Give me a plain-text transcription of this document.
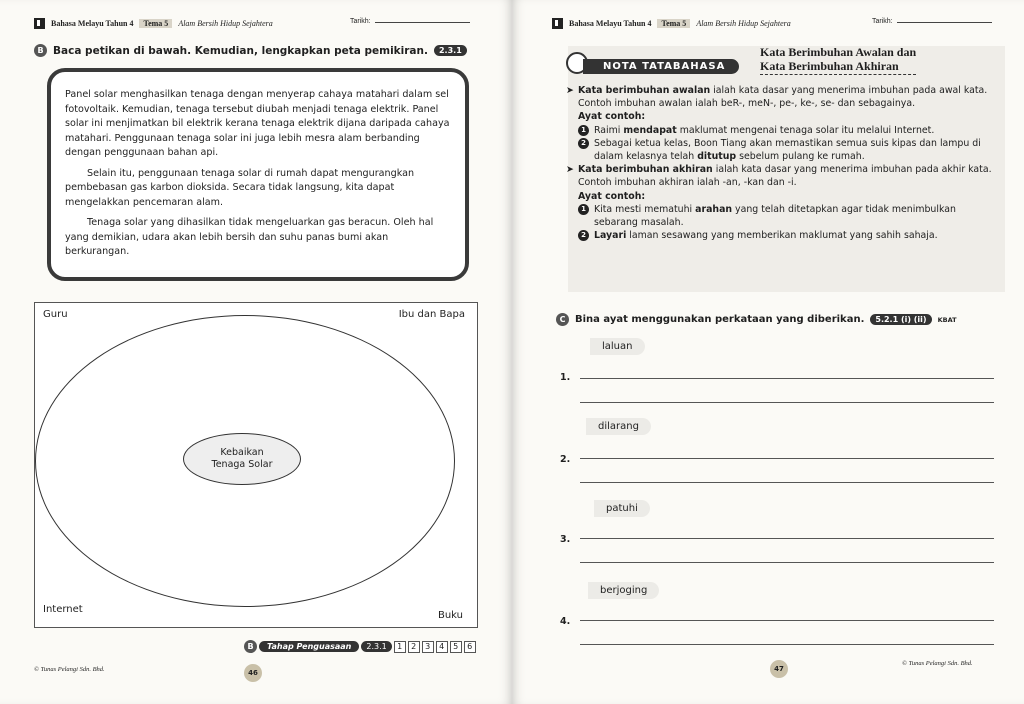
Bahasa Melayu Tahun 4	Tema 5	Alam Bersih Hidup Sejahtera	Tarikh:
B Baca petikan di bawah. Kemudian, lengkapkan peta pemikiran.	2.3.1

Panel solar menghasilkan tenaga dengan menyerap cahaya matahari dalam sel fotovoltaik. Kemudian, tenaga tersebut diubah menjadi tenaga elektrik. Panel solar ini menjimatkan bil elektrik kerana tenaga elektrik dijana daripada cahaya matahari. Penggunaan tenaga solar ini juga lebih mesra alam berbanding dengan penggunaan bahan api.

Selain itu, penggunaan tenaga solar di rumah dapat mengurangkan pembebasan gas karbon dioksida. Secara tidak langsung, kita dapat mengelakkan pencemaran alam.

Tenaga solar yang dihasilkan tidak mengeluarkan gas beracun. Oleh hal yang demikian, udara akan lebih bersih dan suhu panas bumi akan berkurangan.

Guru	Ibu dan Bapa
Internet
Buku
Kebaikan
Tenaga Solar
B	Tahap Penguasaan	2.3.1	1	2	3	4	5	6
© Tunas Pelangi Sdn. Bhd.	46
Bahasa Melayu Tahun 4	Tema 5	Alam Bersih Hidup Sejahtera	Tarikh:
NOTA TATABAHASA
Kata Berimbuhan Awalan dan
Kata Berimbuhan Akhiran
➤ Kata berimbuhan awalan ialah kata dasar yang menerima imbuhan pada awal kata. Contoh imbuhan awalan ialah beR-, meN-, pe-, ke-, se- dan sebagainya.
Ayat contoh:
1 Raimi mendapat maklumat mengenai tenaga solar itu melalui Internet.
2 Sebagai ketua kelas, Boon Tiang akan memastikan semua suis kipas dan lampu di dalam kelasnya telah ditutup sebelum pulang ke rumah.
➤ Kata berimbuhan akhiran ialah kata dasar yang menerima imbuhan pada akhir kata. Contoh imbuhan akhiran ialah -an, -kan dan -i.
Ayat contoh:
1 Kita mesti mematuhi arahan yang telah ditetapkan agar tidak menimbulkan sebarang masalah.
2 Layari laman sesawang yang memberikan maklumat yang sahih sahaja.
C Bina ayat menggunakan perkataan yang diberikan.	5.2.1 (i) (ii)	KBAT
laluan
1.
dilarang
2.
patuhi
3.
berjoging
4.
47
© Tunas Pelangi Sdn. Bhd.
